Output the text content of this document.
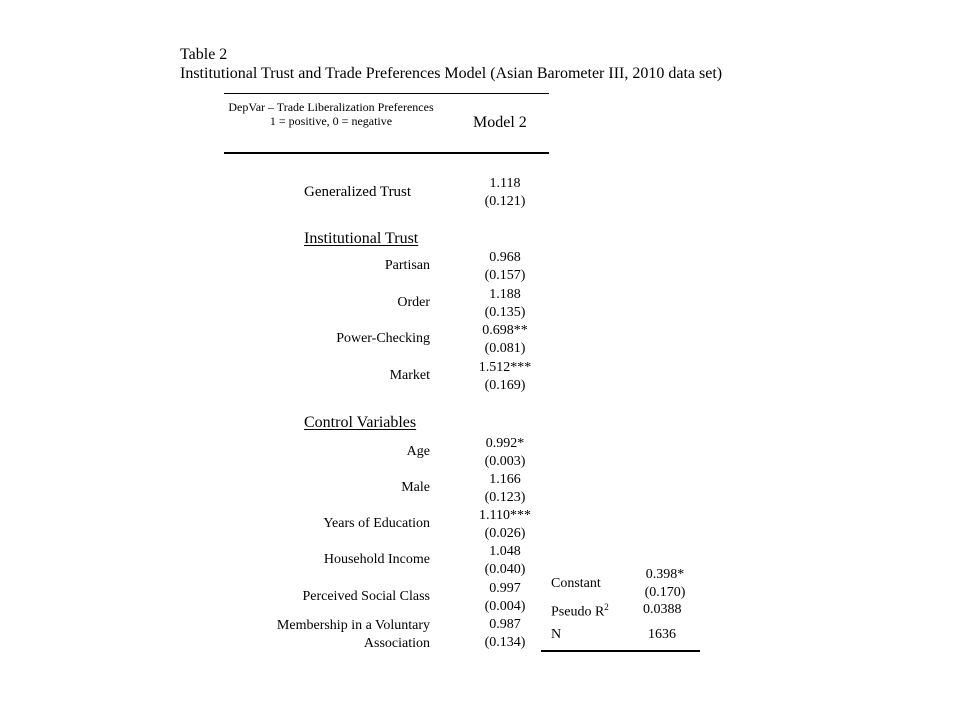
Table 2
Institutional Trust and Trade Preferences Model (Asian Barometer III, 2010 data set)
DepVar – Trade Liberalization Preferences 1 = positive, 0 = negative	Model 2
Generalized Trust
1.118
(0.121)
Institutional Trust
Partisan
0.968
(0.157)
Order
1.188
(0.135)
Power-Checking
0.698**
(0.081)
Market
1.512***
(0.169)
Control Variables
Age
0.992*
(0.003)
Male
1.166
(0.123)
Years of Education
1.110***
(0.026)
Household Income
1.048
(0.040)
Perceived Social Class
0.997
(0.004)
Membership in a Voluntary
Association
0.987
(0.134)
Constant
0.398*
(0.170)
Pseudo $R^2$ 0.0388
N	1636
